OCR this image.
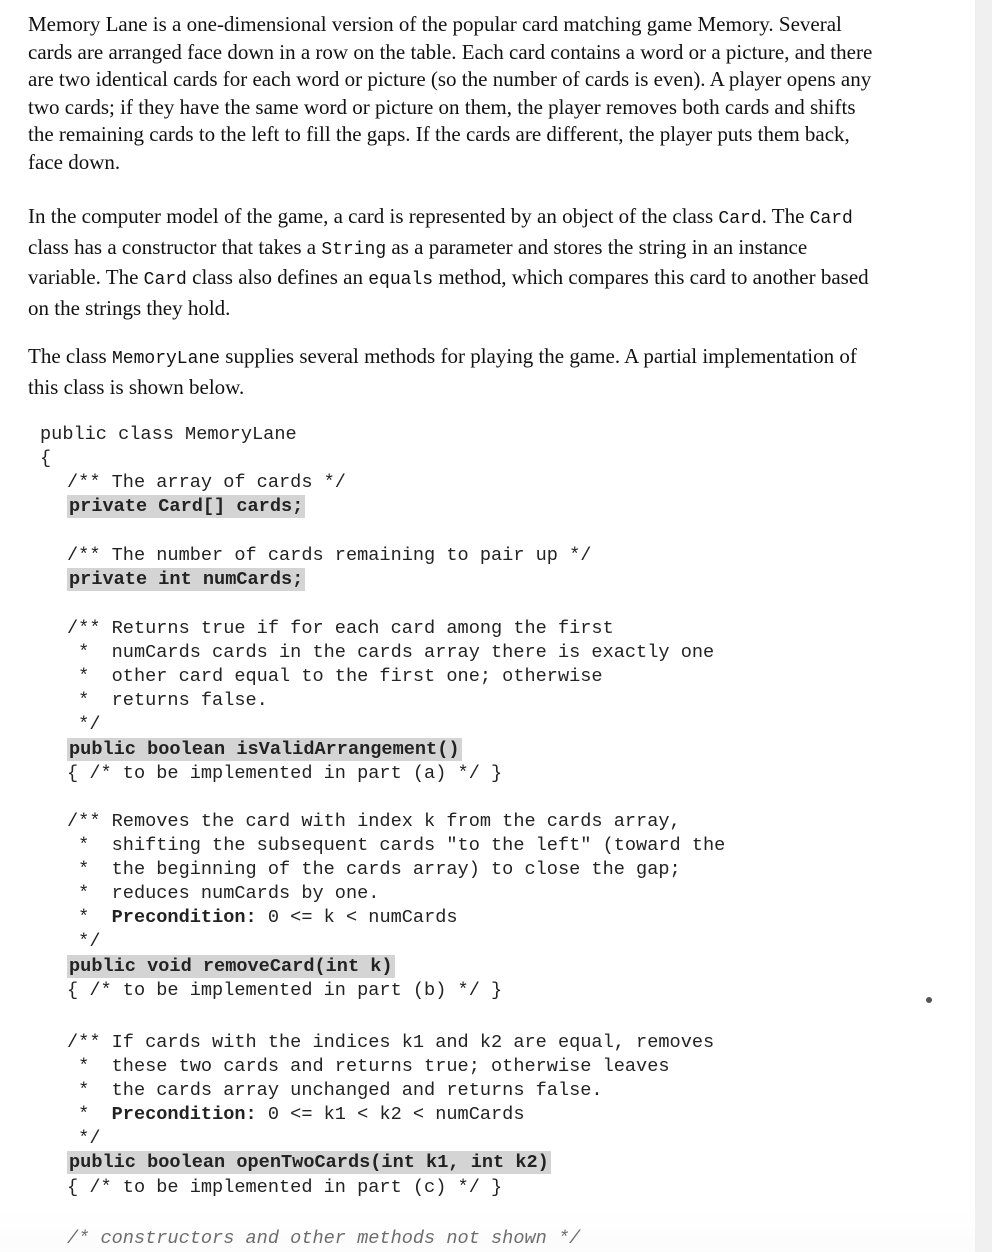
Memory Lane is a one-dimensional version of the popular card matching game Memory. Several cards are arranged face down in a row on the table. Each card contains a word or a picture, and there are two identical cards for each word or picture (so the number of cards is even). A player opens any two cards; if they have the same word or picture on them, the player removes both cards and shifts the remaining cards to the left to fill the gaps. If the cards are different, the player puts them back, face down.

In the computer model of the game, a card is represented by an object of the class Card. The Card class has a constructor that takes a String as a parameter and stores the string in an instance variable. The Card class also defines an equals method, which compares this card to another based on the strings they hold.

The class MemoryLane supplies several methods for playing the game. A partial implementation of this class is shown below.

public class MemoryLane

{

/** The array of cards */

private Card[] cards;

/** The number of cards remaining to pair up */

private int numCards;

/** Returns true if for each card among the first

*  numCards cards in the cards array there is exactly one

*  other card equal to the first one; otherwise

*  returns false.

*/

public boolean isValidArrangement()

{ /* to be implemented in part (a) */ }

/** Removes the card with index k from the cards array,

*  shifting the subsequent cards "to the left" (toward the

*  the beginning of the cards array) to close the gap;

*  reduces numCards by one.

*  Precondition: 0 <= k < numCards

*/

public void removeCard(int k)

{ /* to be implemented in part (b) */ }

/** If cards with the indices k1 and k2 are equal, removes

*  these two cards and returns true; otherwise leaves

*  the cards array unchanged and returns false.

*  Precondition: 0 <= k1 < k2 < numCards

*/

public boolean openTwoCards(int k1, int k2)

{ /* to be implemented in part (c) */ }

/* constructors and other methods not shown */
